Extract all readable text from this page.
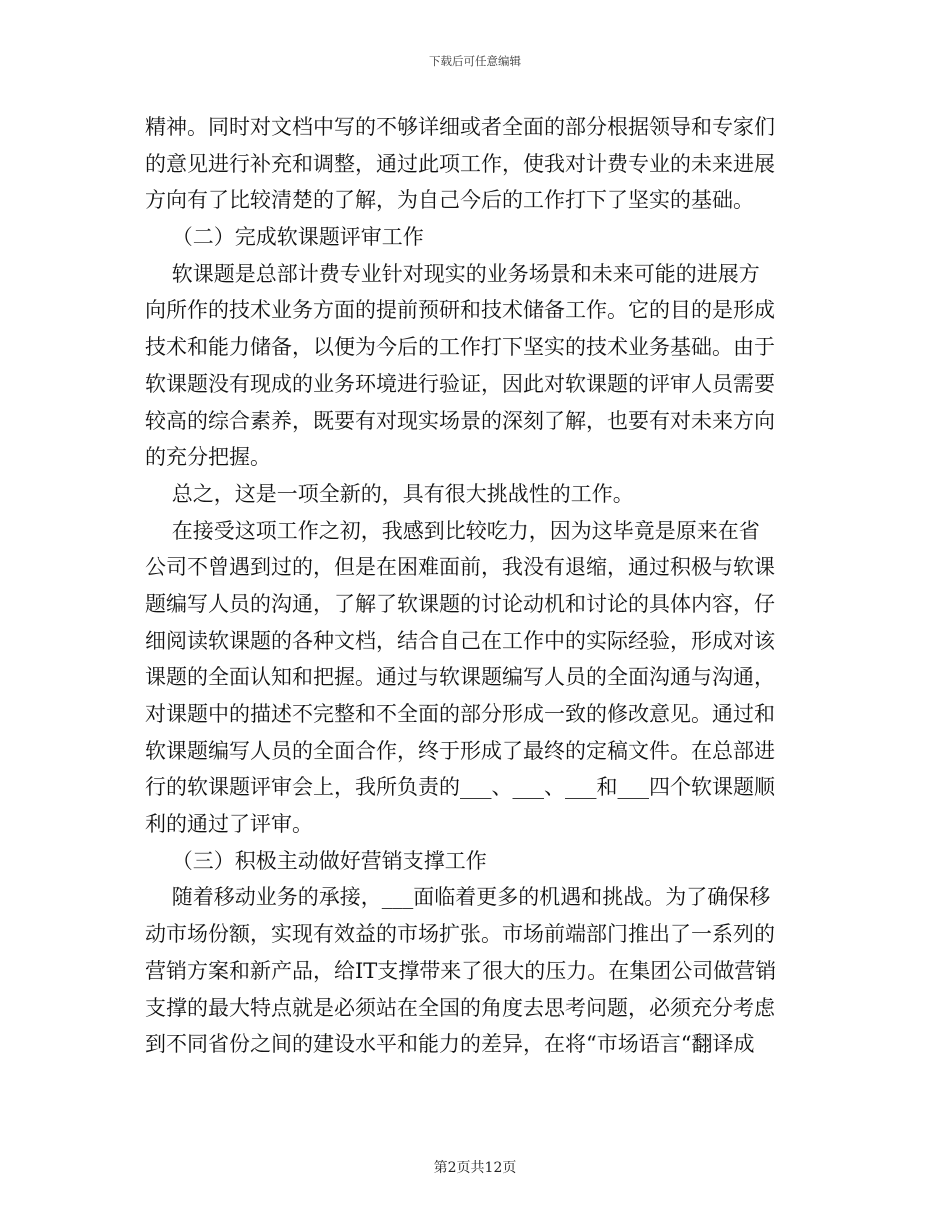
下载后可任意编辑
精神。同时对文档中写的不够详细或者全面的部分根据领导和专家们
的意见进行补充和调整，通过此项工作，使我对计费专业的未来进展
方向有了比较清楚的了解，为自己今后的工作打下了坚实的基础。
（二）完成软课题评审工作
软课题是总部计费专业针对现实的业务场景和未来可能的进展方
向所作的技术业务方面的提前预研和技术储备工作。它的目的是形成
技术和能力储备，以便为今后的工作打下坚实的技术业务基础。由于
软课题没有现成的业务环境进行验证，因此对软课题的评审人员需要
较高的综合素养，既要有对现实场景的深刻了解，也要有对未来方向
的充分把握。
总之，这是一项全新的，具有很大挑战性的工作。
在接受这项工作之初，我感到比较吃力，因为这毕竟是原来在省
公司不曾遇到过的，但是在困难面前，我没有退缩，通过积极与软课
题编写人员的沟通，了解了软课题的讨论动机和讨论的具体内容，仔
细阅读软课题的各种文档，结合自己在工作中的实际经验，形成对该
课题的全面认知和把握。通过与软课题编写人员的全面沟通与沟通，
对课题中的描述不完整和不全面的部分形成一致的修改意见。通过和
软课题编写人员的全面合作，终于形成了最终的定稿文件。在总部进
行的软课题评审会上，我所负责的___、___、___和___四个软课题顺
利的通过了评审。
（三）积极主动做好营销支撑工作
随着移动业务的承接，___面临着更多的机遇和挑战。为了确保移
动市场份额，实现有效益的市场扩张。市场前端部门推出了一系列的
营销方案和新产品，给IT支撑带来了很大的压力。在集团公司做营销
支撑的最大特点就是必须站在全国的角度去思考问题，必须充分考虑
到不同省份之间的建设水平和能力的差异，在将“市场语言“翻译成
第2页共12页
